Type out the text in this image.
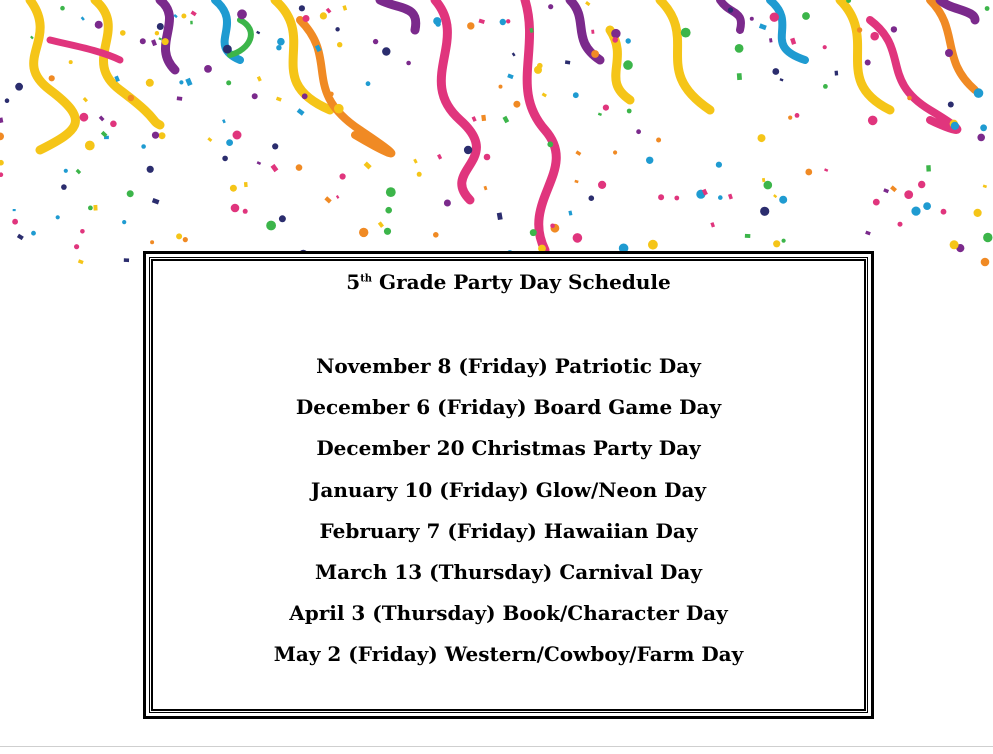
5th Grade Party Day Schedule
November 8 (Friday) Patriotic Day
December 6 (Friday) Board Game Day
December 20 Christmas Party Day
January 10 (Friday) Glow/Neon Day
February 7 (Friday) Hawaiian Day
March 13 (Thursday) Carnival Day
April 3 (Thursday) Book/Character Day
May 2 (Friday) Western/Cowboy/Farm Day
